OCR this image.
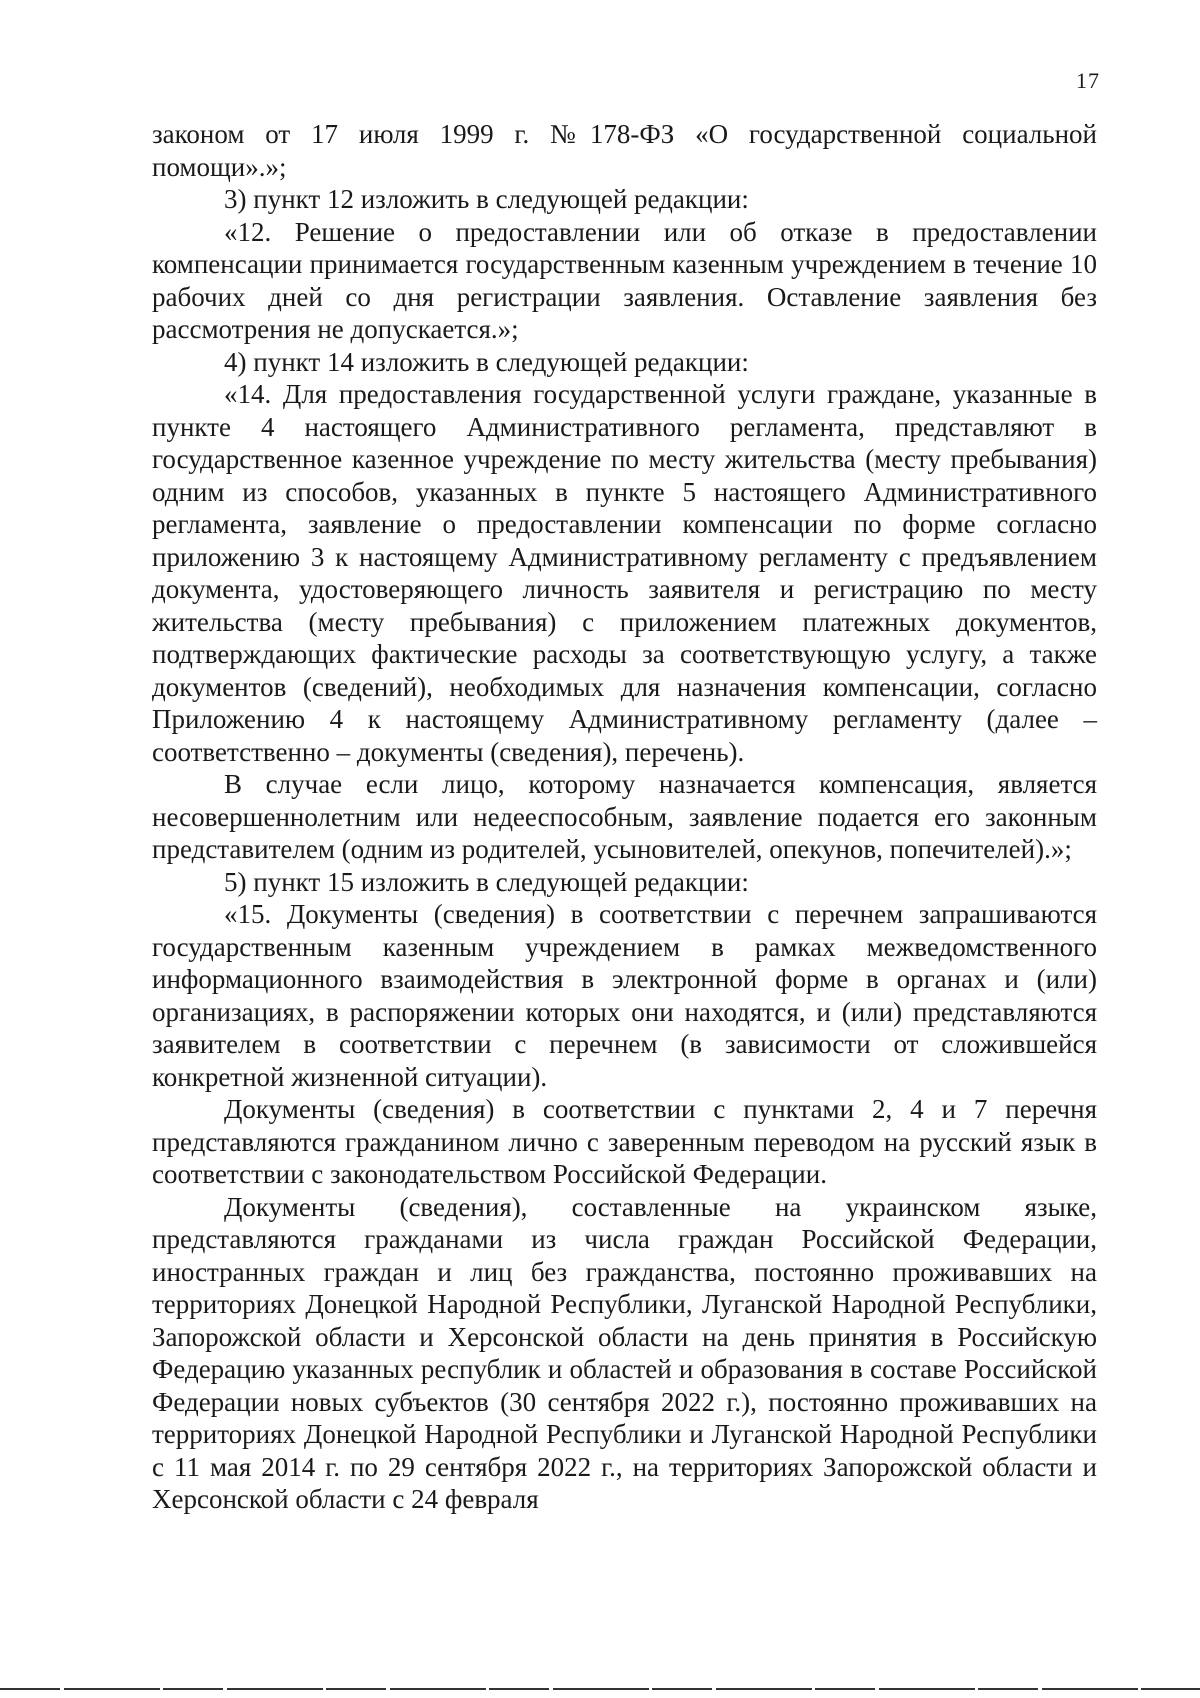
17

законом от 17 июля 1999 г. №178-ФЗ «О государственной социальной помощи».»;

3) пункт 12 изложить в следующей редакции:

«12. Решение о предоставлении или об отказе в предоставлении компенсации принимается государственным казенным учреждением в течение 10 рабочих дней со дня регистрации заявления. Оставление заявления без рассмотрения не допускается.»;

4) пункт 14 изложить в следующей редакции:

«14. Для предоставления государственной услуги граждане, указанные в пункте 4 настоящего Административного регламента, представляют в государственное казенное учреждение по месту жительства (месту пребывания) одним из способов, указанных в пункте 5 настоящего Административного регламента, заявление о предоставлении компенсации по форме согласно приложению 3 к настоящему Административному регламенту с предъявлением документа, удостоверяющего личность заявителя и регистрацию по месту жительства (месту пребывания) с приложением платежных документов, подтверждающих фактические расходы за соответствующую услугу, а также документов (сведений), необходимых для назначения компенсации, согласно Приложению 4 к настоящему Административному регламенту (далее – соответственно – документы (сведения), перечень).

В случае если лицо, которому назначается компенсация, является несовершеннолетним или недееспособным, заявление подается его законным представителем (одним из родителей, усыновителей, опекунов, попечителей).»;

5) пункт 15 изложить в следующей редакции:

«15. Документы (сведения) в соответствии с перечнем запрашиваются государственным казенным учреждением в рамках межведомственного информационного взаимодействия в электронной форме в органах и (или) организациях, в распоряжении которых они находятся, и (или) представляются заявителем в соответствии с перечнем (в зависимости от сложившейся конкретной жизненной ситуации).

Документы (сведения) в соответствии с пунктами 2, 4 и 7 перечня представляются гражданином лично с заверенным переводом на русский язык в соответствии с законодательством Российской Федерации.

Документы (сведения), составленные на украинском языке, представляются гражданами из числа граждан Российской Федерации, иностранных граждан и лиц без гражданства, постоянно проживавших на территориях Донецкой Народной Республики, Луганской Народной Республики, Запорожской области и Херсонской области на день принятия в Российскую Федерацию указанных республик и областей и образования в составе Российской Федерации новых субъектов (30 сентября 2022 г.), постоянно проживавших на территориях Донецкой Народной Республики и Луганской Народной Республики с 11 мая 2014 г. по 29 сентября 2022 г., на территориях Запорожской области и Херсонской области с 24 февраля
